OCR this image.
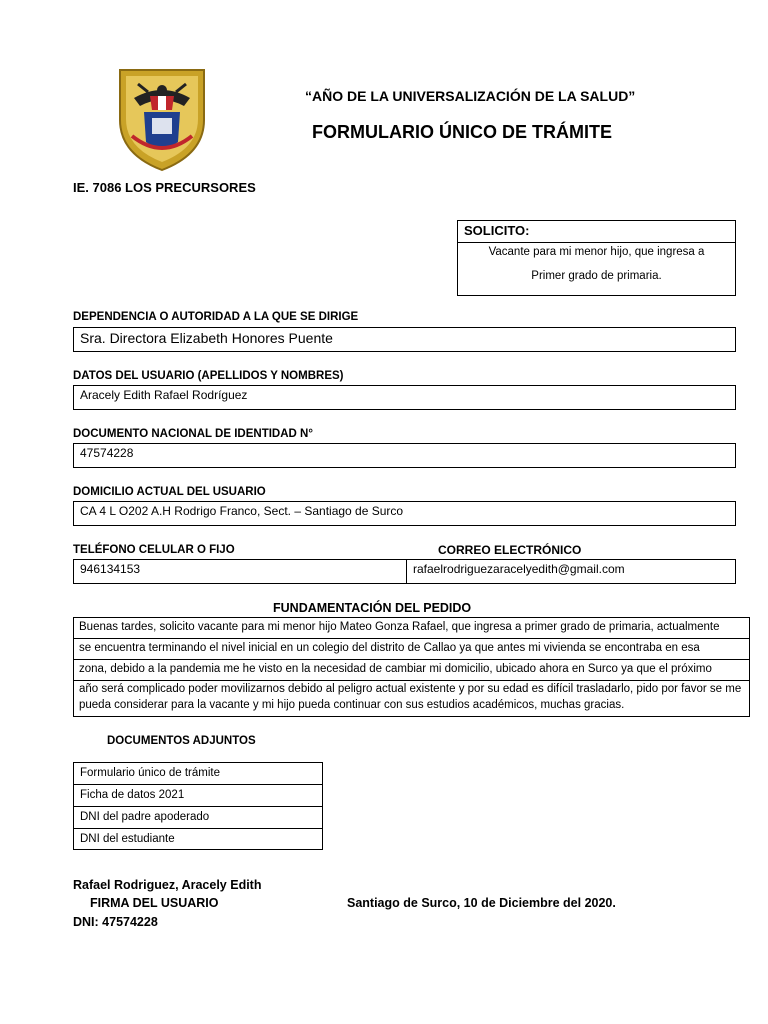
“AÑO DE LA UNIVERSALIZACIÓN DE LA SALUD”
FORMULARIO ÚNICO DE TRÁMITE
IE. 7086 LOS PRECURSORES
SOLICITO:
Vacante para mi menor hijo, que ingresa a
Primer grado de primaria.
DEPENDENCIA O AUTORIDAD A LA QUE SE DIRIGE
Sra. Directora Elizabeth Honores Puente
DATOS DEL USUARIO (APELLIDOS Y NOMBRES)
Aracely Edith Rafael Rodríguez
DOCUMENTO NACIONAL DE IDENTIDAD N°
47574228
DOMICILIO ACTUAL DEL USUARIO
CA 4 L O202 A.H Rodrigo Franco, Sect. – Santiago de Surco
TELÉFONO CELULAR O FIJO	CORREO ELECTRÓNICO
946134153	rafaelrodriguezaracelyedith@gmail.com
FUNDAMENTACIÓN DEL PEDIDO
Buenas tardes, solicito vacante para mi menor hijo Mateo Gonza Rafael, que ingresa a primer grado de primaria, actualmente
se encuentra terminando el nivel inicial en un colegio del distrito de Callao ya que antes mi vivienda se encontraba en esa
zona, debido a la pandemia me he visto en la necesidad de cambiar mi domicilio, ubicado ahora en Surco ya que el próximo
año será complicado poder movilizarnos debido al peligro actual existente y por su edad es difícil trasladarlo, pido por favor se me pueda considerar para la vacante y mi hijo pueda continuar con sus estudios académicos, muchas gracias.
DOCUMENTOS ADJUNTOS
Formulario único de trámite
Ficha de datos 2021
DNI del padre apoderado
DNI del estudiante
Rafael Rodriguez, Aracely Edith
FIRMA DEL USUARIO
DNI: 47574228
Santiago de Surco, 10 de Diciembre del 2020.
